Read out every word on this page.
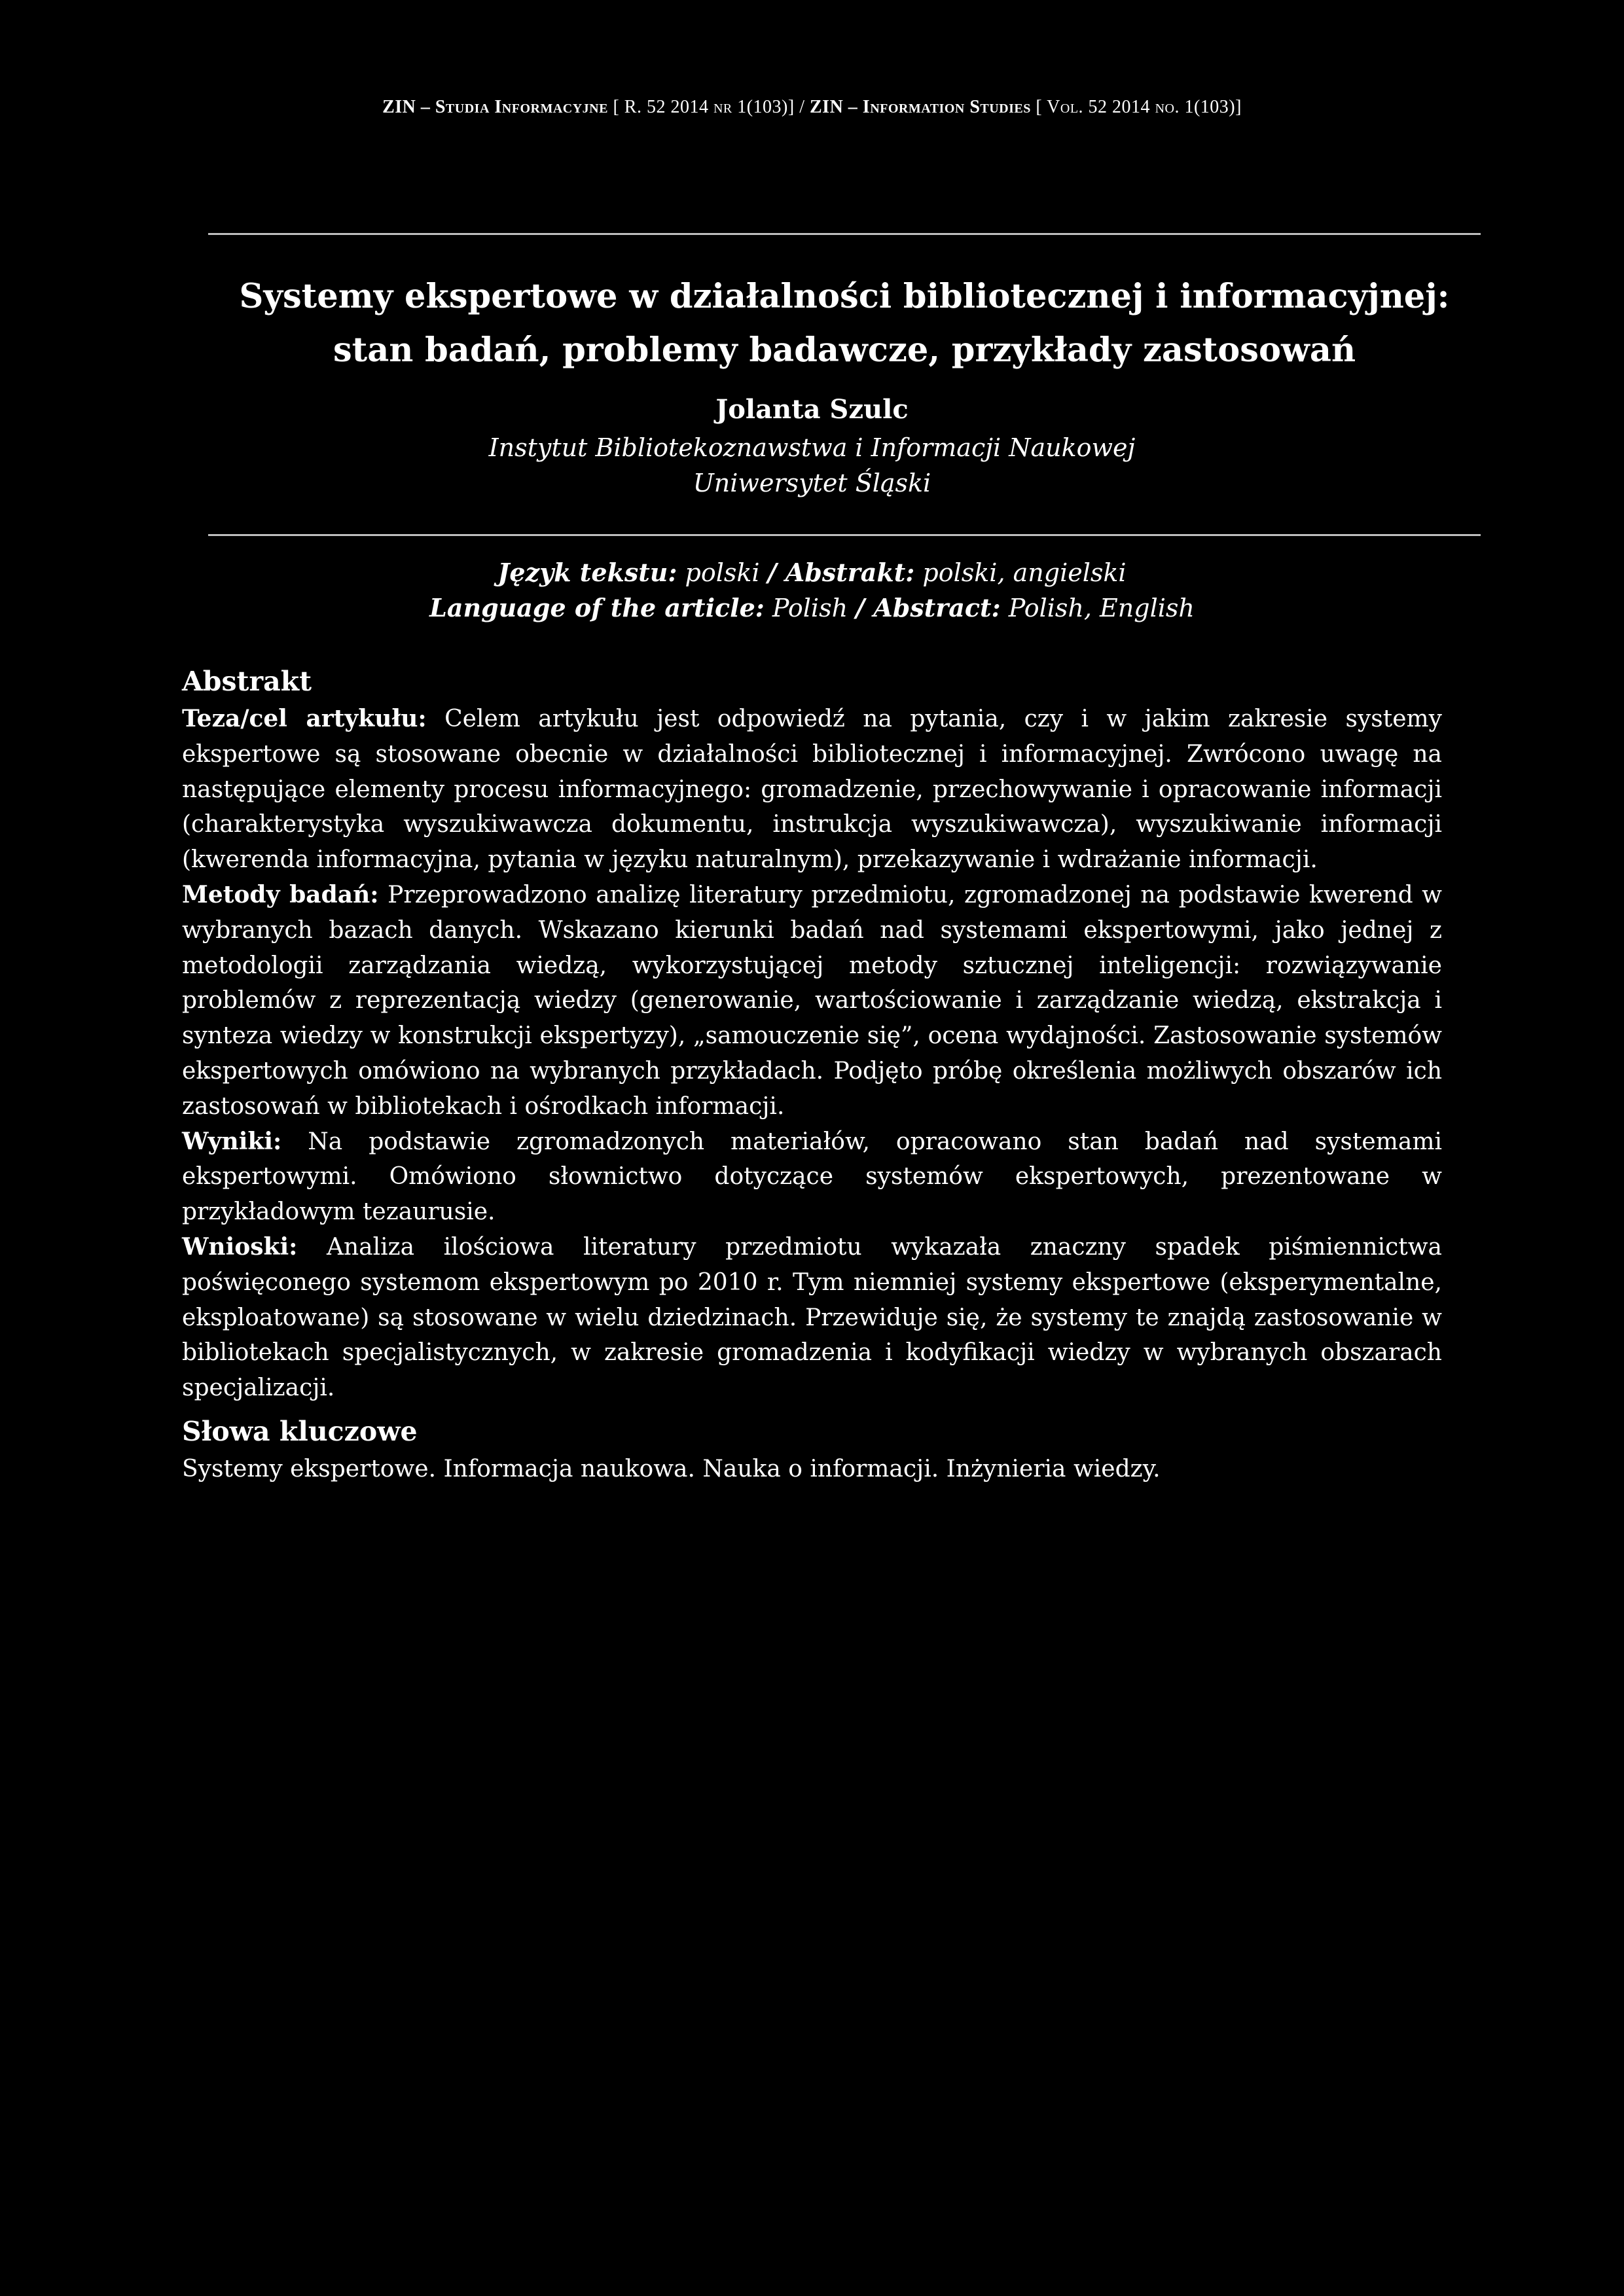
ZIN – Studia Informacyjne [ R. 52 2014 nr 1(103)] / ZIN – Information Studies [ Vol. 52 2014 no. 1(103)]
Systemy ekspertowe w działalności bibliotecznej i informacyjnej:
stan badań, problemy badawcze, przykłady zastosowań
Jolanta Szulc
Instytut Bibliotekoznawstwa i Informacji Naukowej
Uniwersytet Śląski
Język tekstu: polski / Abstrakt: polski, angielski
Language of the article: Polish / Abstract: Polish, English
Abstrakt

Teza/cel artykułu: Celem artykułu jest odpowiedź na pytania, czy i w jakim zakresie systemy ekspertowe są stosowane obecnie w działalności bibliotecznej i informacyjnej. Zwrócono uwagę na następujące elementy procesu informacyjnego: gromadzenie, przechowywanie i opracowanie informacji (charakterystyka wyszukiwawcza dokumentu, instrukcja wyszukiwawcza), wyszukiwanie informacji (kwerenda informacyjna, pytania w języku naturalnym), przekazywanie i wdrażanie informacji.

Metody badań: Przeprowadzono analizę literatury przedmiotu, zgromadzonej na podstawie kwerend w wybranych bazach danych. Wskazano kierunki badań nad systemami ekspertowymi, jako jednej z metodologii zarządzania wiedzą, wykorzystującej metody sztucznej inteligencji: rozwiązywanie problemów z reprezentacją wiedzy (generowanie, wartościowanie i zarządzanie wiedzą, ekstrakcja i synteza wiedzy w konstrukcji ekspertyzy), „samouczenie się”, ocena wydajności. Zastosowanie systemów ekspertowych omówiono na wybranych przykładach. Podjęto próbę określenia możliwych obszarów ich zastosowań w bibliotekach i ośrodkach informacji.

Wyniki: Na podstawie zgromadzonych materiałów, opracowano stan badań nad systemami ekspertowymi. Omówiono słownictwo dotyczące systemów ekspertowych, prezentowane w przykładowym tezaurusie.

Wnioski: Analiza ilościowa literatury przedmiotu wykazała znaczny spadek piśmiennictwa poświęconego systemom ekspertowym po 2010 r. Tym niemniej systemy ekspertowe (eksperymentalne, eksploatowane) są stosowane w wielu dziedzinach. Przewiduje się, że systemy te znajdą zastosowanie w bibliotekach specjalistycznych, w zakresie gromadzenia i kodyfikacji wiedzy w wybranych obszarach specjalizacji.

Słowa kluczowe

Systemy ekspertowe. Informacja naukowa. Nauka o informacji. Inżynieria wiedzy.
